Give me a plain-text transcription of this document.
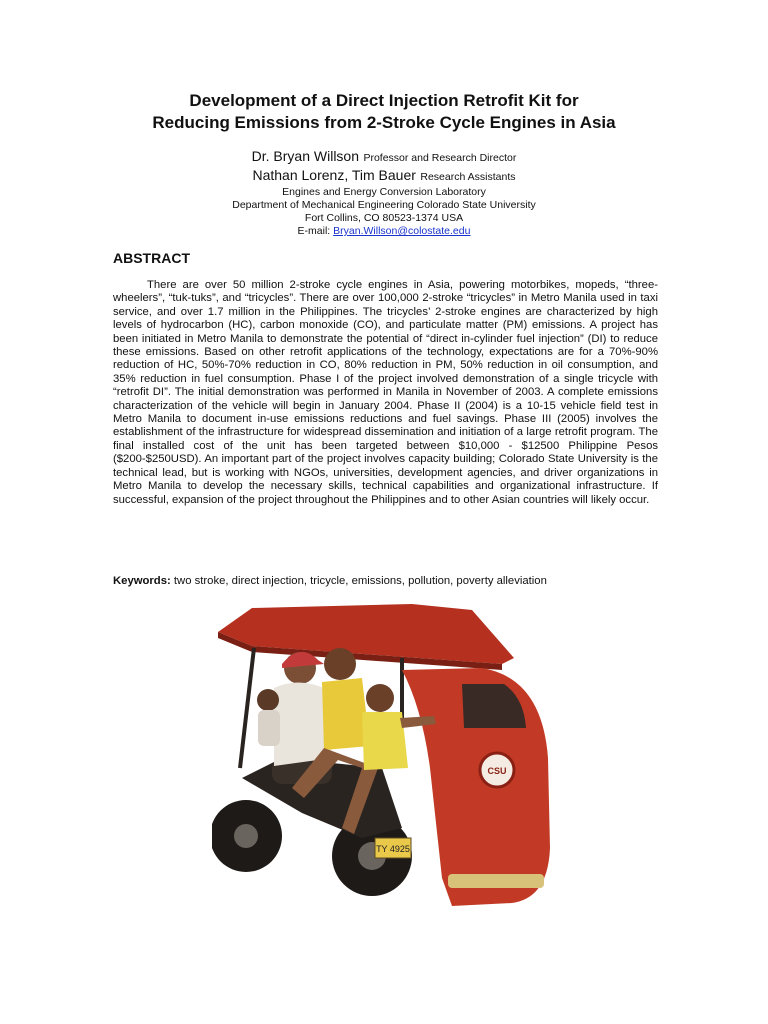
Development of a Direct Injection Retrofit Kit for
Reducing Emissions from 2-Stroke Cycle Engines in Asia
Dr. Bryan Willson Professor and Research Director
Nathan Lorenz, Tim Bauer Research Assistants
Engines and Energy Conversion Laboratory
Department of Mechanical Engineering Colorado State University
Fort Collins, CO 80523-1374 USA
E-mail: Bryan.Willson@colostate.edu
ABSTRACT

There are over 50 million 2-stroke cycle engines in Asia, powering motorbikes, mopeds, “three-wheelers”, “tuk-tuks”, and “tricycles”. There are over 100,000 2-stroke “tricycles” in Metro Manila used in taxi service, and over 1.7 million in the Philippines. The tricycles’ 2-stroke engines are characterized by high levels of hydrocarbon (HC), carbon monoxide (CO), and particulate matter (PM) emissions. A project has been initiated in Metro Manila to demonstrate the potential of “direct in-cylinder fuel injection” (DI) to reduce these emissions. Based on other retrofit applications of the technology, expectations are for a 70%-90% reduction of HC, 50%-70% reduction in CO, 80% reduction in PM, 50% reduction in oil consumption, and 35% reduction in fuel consumption. Phase I of the project involved demonstration of a single tricycle with “retrofit DI”. The initial demonstration was performed in Manila in November of 2003. A complete emissions characterization of the vehicle will begin in January 2004. Phase II (2004) is a 10-15 vehicle field test in Metro Manila to document in-use emissions reductions and fuel savings. Phase III (2005) involves the establishment of the infrastructure for widespread dissemination and initiation of a large retrofit program. The final installed cost of the unit has been targeted between $10,000 - $12500 Philippine Pesos ($200-$250USD). An important part of the project involves capacity building; Colorado State University is the technical lead, but is working with NGOs, universities, development agencies, and driver organizations in Metro Manila to develop the necessary skills, technical capabilities and organizational infrastructure. If successful, expansion of the project throughout the Philippines and to other Asian countries will likely occur.

Keywords: two stroke, direct injection, tricycle, emissions, pollution, poverty alleviation
CSU
TY 4925
